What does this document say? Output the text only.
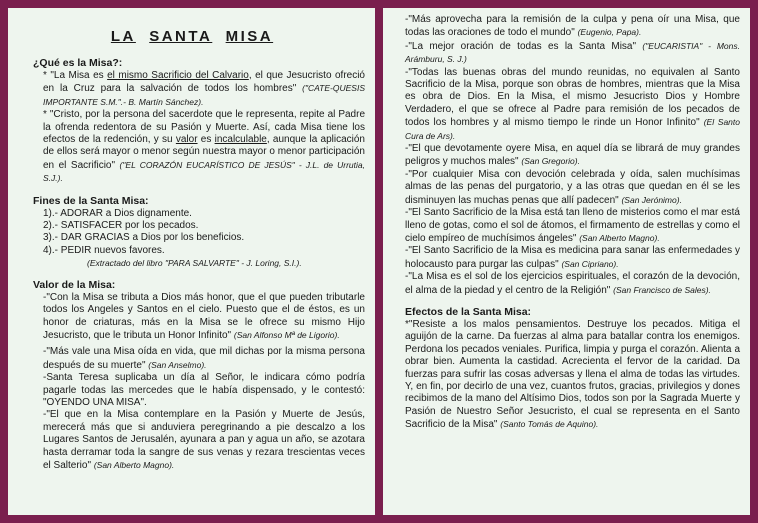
LA SANTA MISA
¿Qué es la Misa?:
* "La Misa es el mismo Sacrificio del Calvario, el que Jesucristo ofreció en la Cruz para la salvación de todos los hombres" ("CATE-QUESIS IMPORTANTE S.M.".- B. Martín Sánchez).
* "Cristo, por la persona del sacerdote que le representa, repite al Padre la ofrenda redentora de su Pasión y Muerte. Así, cada Misa tiene los efectos de la redención, y su valor es incalculable, aunque la aplicación de ellos será mayor o menor según nuestra mayor o menor participación en el Sacrificio" ("EL CORAZÓN EUCARÍSTICO DE JESÚS" - J.L. de Urrutia, S.J.).
Fines de la Santa Misa:
1).- ADORAR a Dios dignamente.
2).- SATISFACER por los pecados.
3).- DAR GRACIAS a Dios por los beneficios.
4).- PEDIR nuevos favores.
(Extractado del libro "PARA SALVARTE" - J. Loring, S.I.).
Valor de la Misa:
-"Con la Misa se tributa a Dios más honor, que el que pueden tributarle todos los Angeles y Santos en el cielo. Puesto que el de éstos, es un honor de criaturas, más en la Misa se le ofrece su mismo Hijo Jesucristo, que le tributa un Honor Infinito" (San Alfonso Mª de Ligorio).
-"Más vale una Misa oída en vida, que mil dichas por la misma persona después de su muerte" (San Anselmo).
-Santa Teresa suplicaba un día al Señor, le indicara cómo podría pagarle todas las mercedes que le había dispensado, y le contestó: "OYENDO UNA MISA".
-"El que en la Misa contemplare en la Pasión y Muerte de Jesús, merecerá más que si anduviera peregrinando a pie descalzo a los Lugares Santos de Jerusalén, ayunara a pan y agua un año, se azotara hasta derramar toda la sangre de sus venas y rezara trescientas veces el Salterio" (San Alberto Magno).
-"Más aprovecha para la remisión de la culpa y pena oír una Misa, que todas las oraciones de todo el mundo" (Eugenio, Papa).
-"La mejor oración de todas es la Santa Misa" ("EUCARISTIA" - Mons. Arámburu, S. J.)
-"Todas las buenas obras del mundo reunidas, no equivalen al Santo Sacrificio de la Misa, porque son obras de hombres, mientras que la Misa es obra de Dios. En la Misa, el mismo Jesucristo Dios y Hombre Verdadero, el que se ofrece al Padre para remisión de los pecados de todos los hombres y al mismo tiempo le rinde un Honor Infinito" (El Santo Cura de Ars).
-"El que devotamente oyere Misa, en aquel día se librará de muy grandes peligros y muchos males" (San Gregorio).
-"Por cualquier Misa con devoción celebrada y oída, salen muchísimas almas de las penas del purgatorio, y a las otras que quedan en él se les disminuyen las muchas penas que allí padecen" (San Jerónimo).
-"El Santo Sacrificio de la Misa está tan lleno de misterios como el mar está lleno de gotas, como el sol de átomos, el firmamento de estrellas y como el cielo empíreo de muchísimos ángeles" (San Alberto Magno).
-"El Santo Sacrificio de la Misa es medicina para sanar las enfermedades y holocausto para purgar las culpas" (San Cipriano).
-"La Misa es el sol de los ejercicios espirituales, el corazón de la devoción, el alma de la piedad y el centro de la Religión" (San Francisco de Sales).
Efectos de la Santa Misa:
*"Resiste a los malos pensamientos. Destruye los pecados. Mitiga el aguijón de la carne. Da fuerzas al alma para batallar contra los enemigos. Perdona los pecados veniales. Purifica, limpia y purga el corazón. Alienta a obrar bien. Aumenta la castidad. Acrecienta el fervor de la caridad. Da fuerzas para sufrir las cosas adversas y llena el alma de todas las virtudes. Y, en fin, por decirlo de una vez, cuantos frutos, gracias, privilegios y dones recibimos de la mano del Altísimo Dios, todos son por la Sagrada Muerte y Pasión de Nuestro Señor Jesucristo, el cual se representa en el Santo Sacrificio de la Misa" (Santo Tomás de Aquino).
